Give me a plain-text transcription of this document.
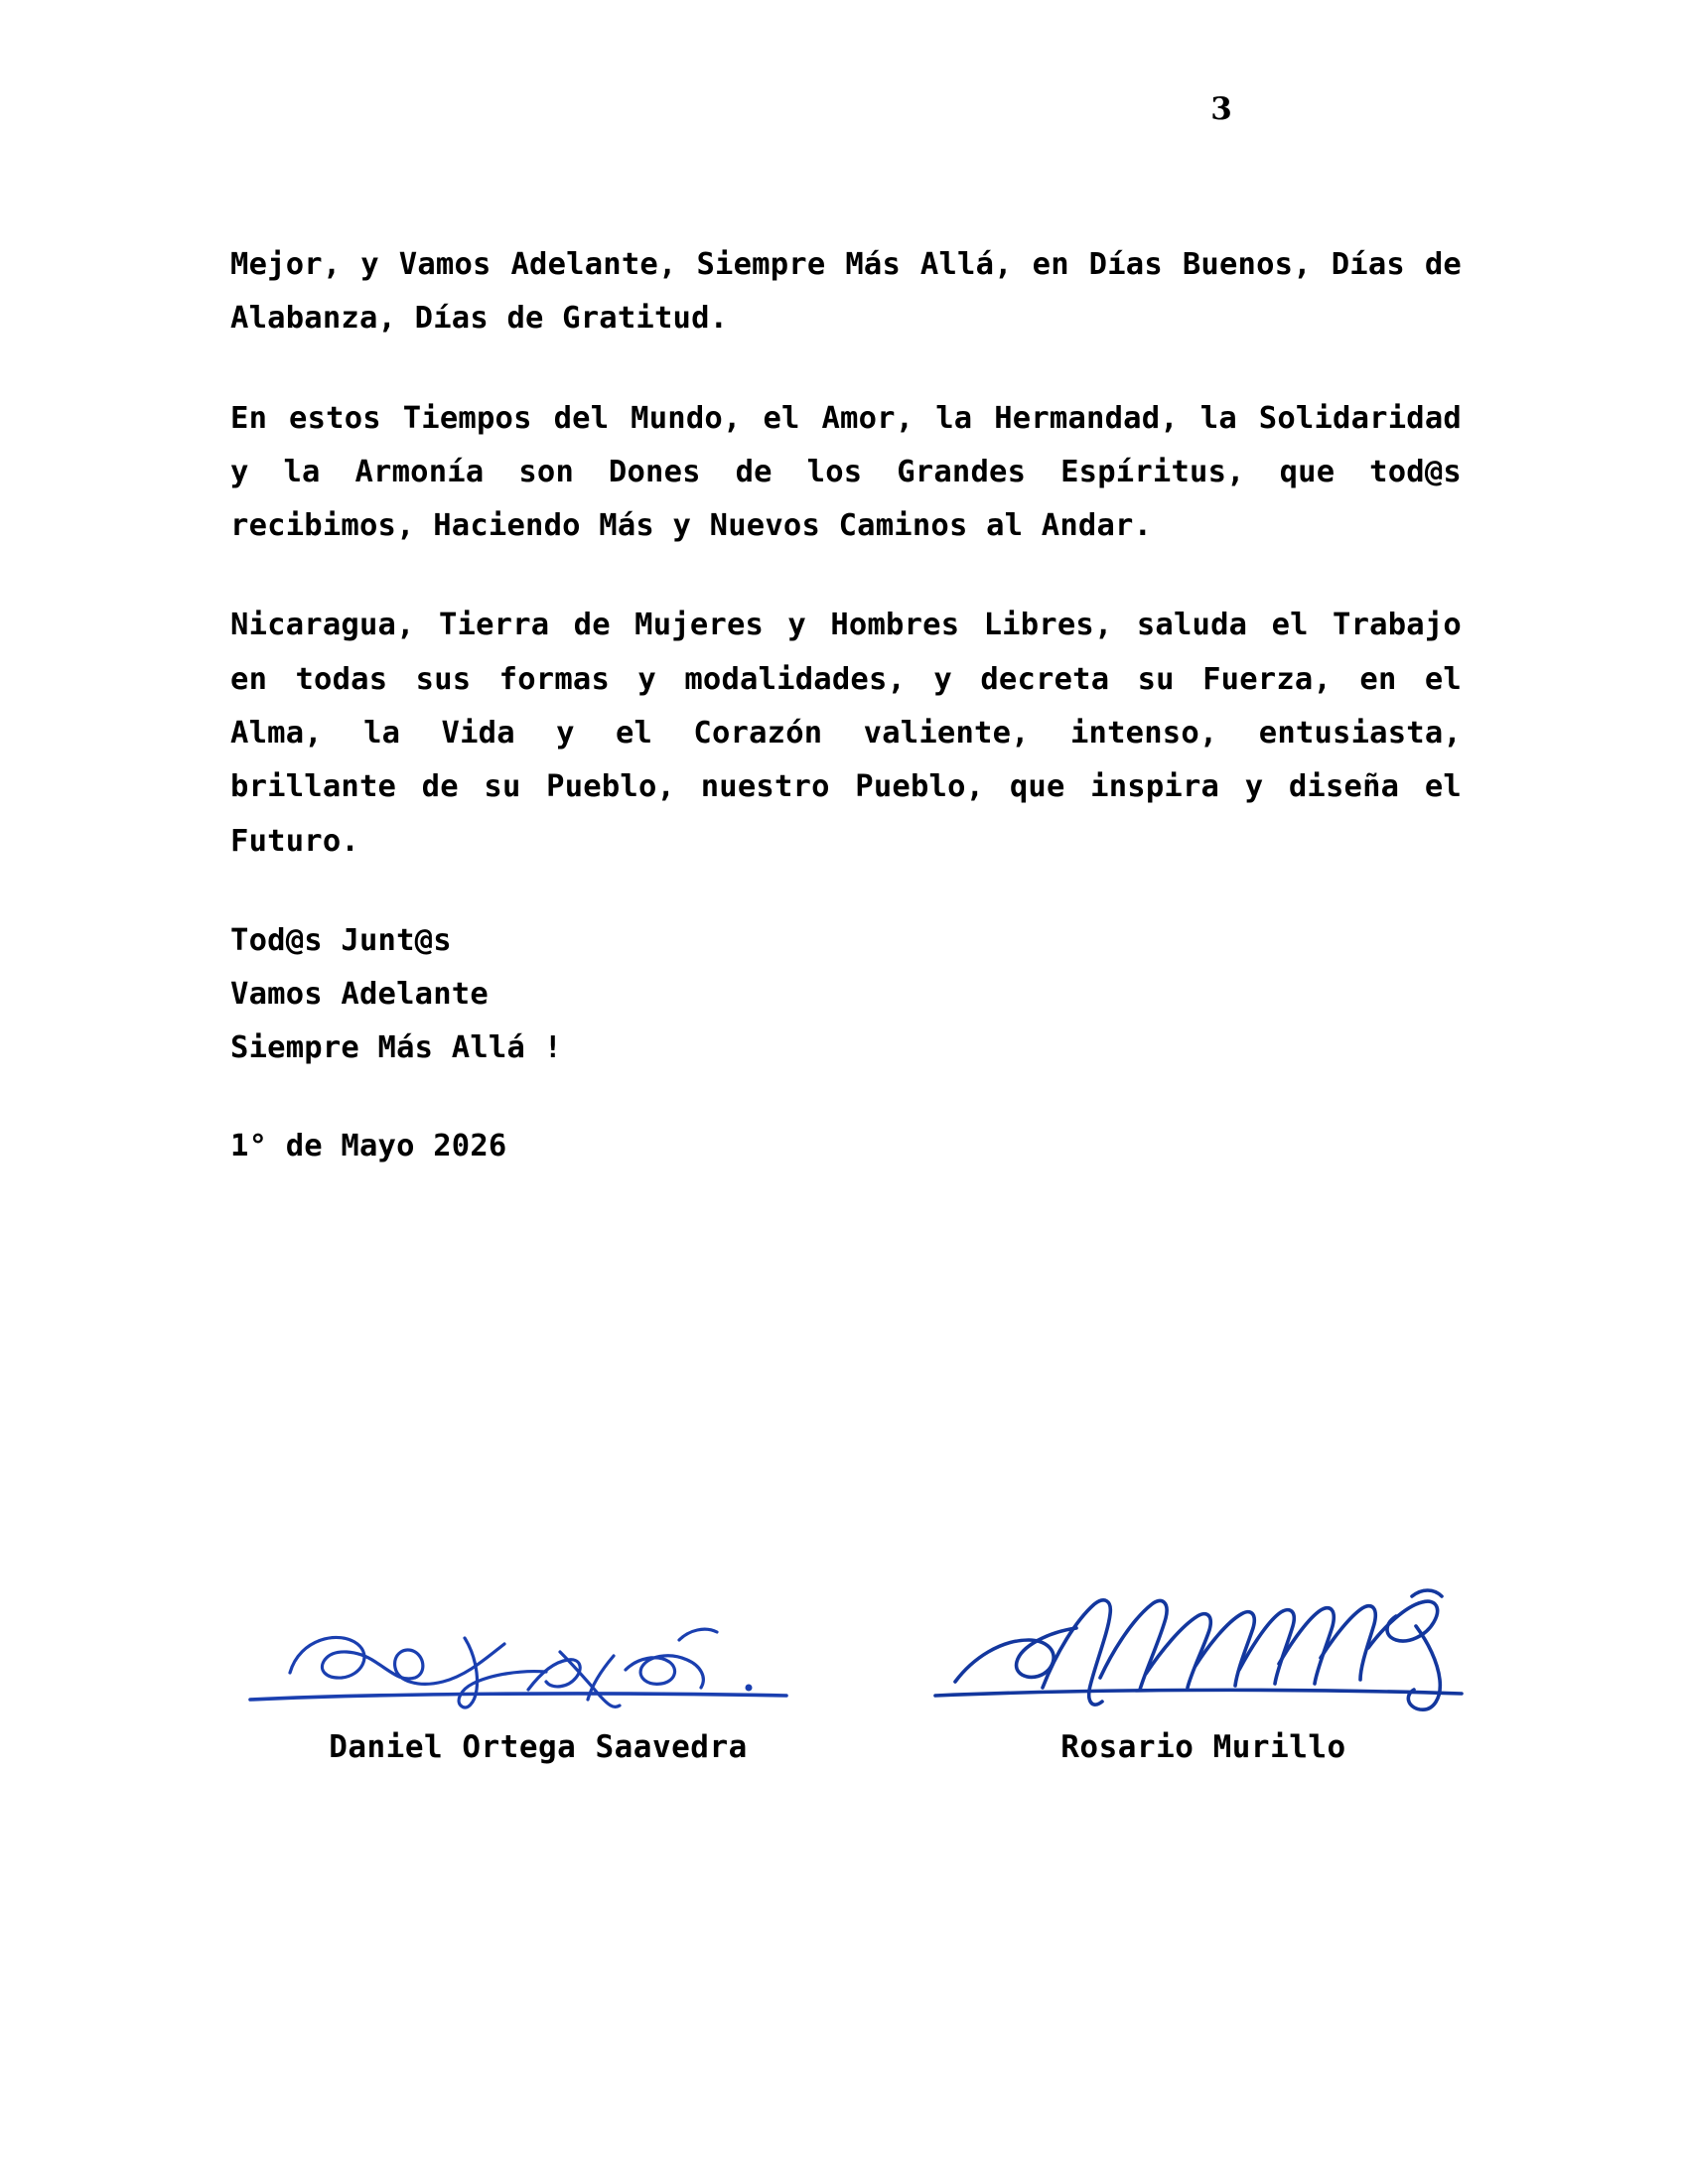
3

Mejor, y Vamos Adelante, Siempre Más Allá, en Días Buenos, Días de Alabanza, Días de Gratitud.

En estos Tiempos del Mundo, el Amor, la Hermandad, la Solidaridad y la Armonía son Dones de los Grandes Espíritus, que tod@s recibimos, Haciendo Más y Nuevos Caminos al Andar.

Nicaragua, Tierra de Mujeres y Hombres Libres, saluda el Trabajo en todas sus formas y modalidades, y decreta su Fuerza, en el Alma, la Vida y el Corazón valiente, intenso, entusiasta, brillante de su Pueblo, nuestro Pueblo, que inspira y diseña el Futuro.

Tod@s Junt@s
Vamos Adelante
Siempre Más Allá !
1° de Mayo 2026
Daniel Ortega Saavedra	Rosario Murillo
